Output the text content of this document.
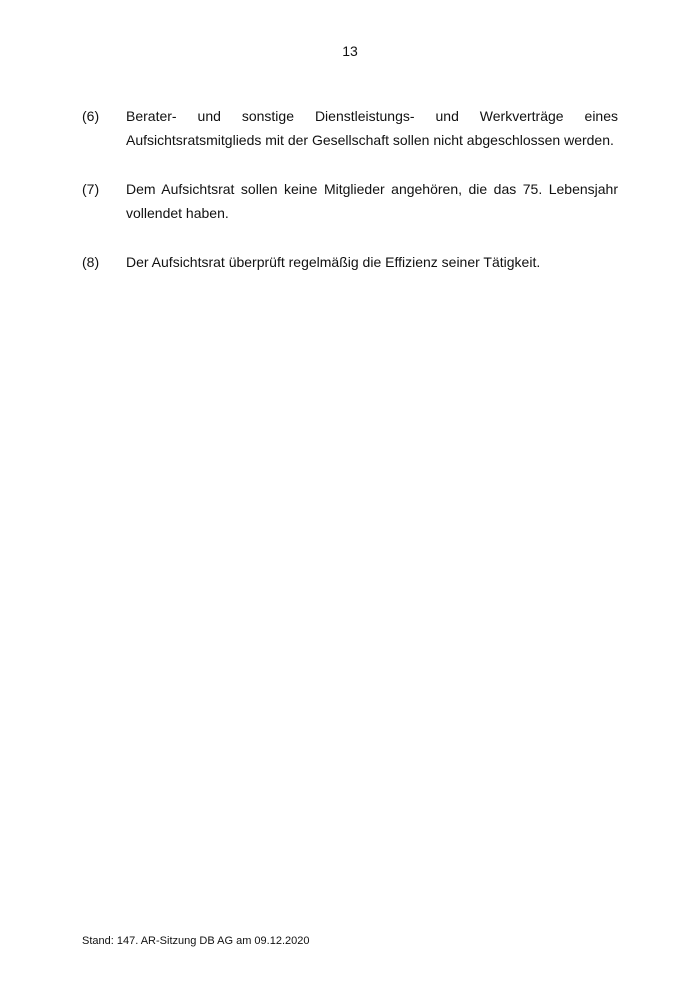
13
(6)	Berater- und sonstige Dienstleistungs- und Werkverträge eines Aufsichtsratsmitglieds mit der Gesellschaft sollen nicht abgeschlossen werden.
(7)	Dem Aufsichtsrat sollen keine Mitglieder angehören, die das 75. Lebensjahr vollendet haben.
(8)	Der Aufsichtsrat überprüft regelmäßig die Effizienz seiner Tätigkeit.
Stand: 147. AR-Sitzung DB AG am 09.12.2020
